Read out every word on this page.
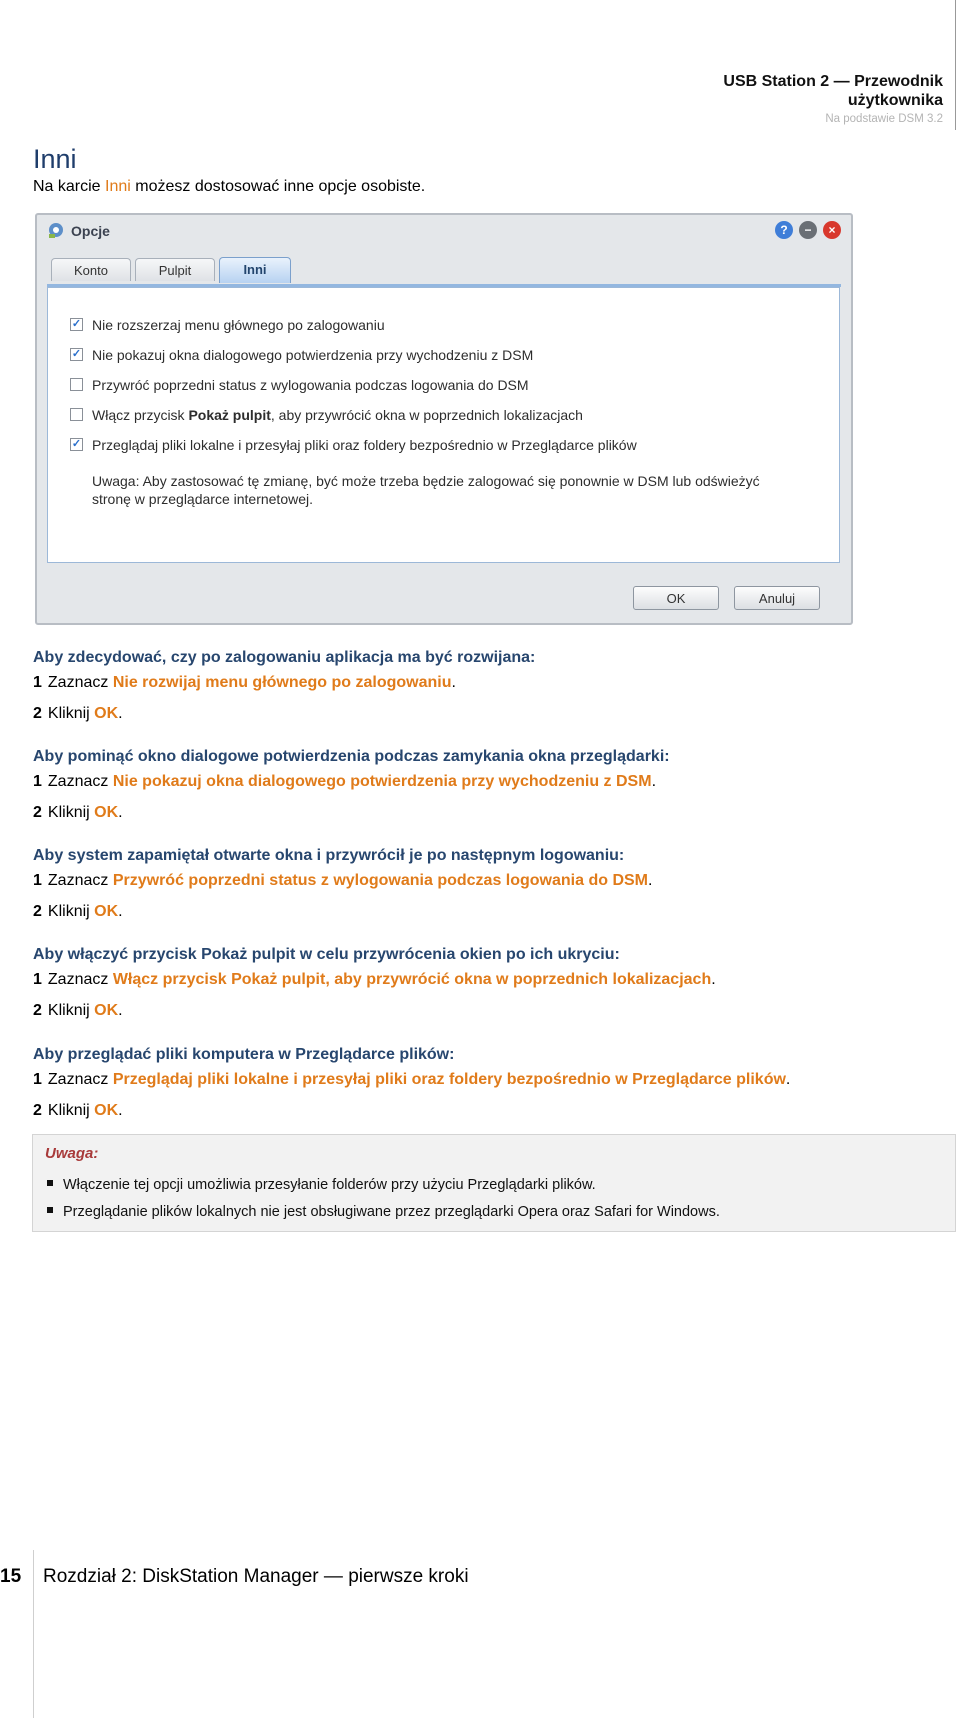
USB Station 2 — Przewodnik
użytkownika
Na podstawie DSM 3.2
Inni
Na karcie Inni możesz dostosować inne opcje osobiste.
Opcje	?	−	×
Konto	Pulpit	Inni
✓ Nie rozszerzaj menu głównego po zalogowaniu
✓ Nie pokazuj okna dialogowego potwierdzenia przy wychodzeniu z DSM
Przywróć poprzedni status z wylogowania podczas logowania do DSM
Włącz przycisk Pokaż pulpit, aby przywrócić okna w poprzednich lokalizacjach
✓ Przeglądaj pliki lokalne i przesyłaj pliki oraz foldery bezpośrednio w Przeglądarce plików
Uwaga: Aby zastosować tę zmianę, być może trzeba będzie zalogować się ponownie w DSM lub odświeżyć stronę w przeglądarce internetowej.
OK	Anuluj
Aby zdecydować, czy po zalogowaniu aplikacja ma być rozwijana:
1 Zaznacz Nie rozwijaj menu głównego po zalogowaniu.
2 Kliknij OK.
Aby pominąć okno dialogowe potwierdzenia podczas zamykania okna przeglądarki:
1 Zaznacz Nie pokazuj okna dialogowego potwierdzenia przy wychodzeniu z DSM.
2 Kliknij OK.
Aby system zapamiętał otwarte okna i przywrócił je po następnym logowaniu:
1 Zaznacz Przywróć poprzedni status z wylogowania podczas logowania do DSM.
2 Kliknij OK.
Aby włączyć przycisk Pokaż pulpit w celu przywrócenia okien po ich ukryciu:
1 Zaznacz Włącz przycisk Pokaż pulpit, aby przywrócić okna w poprzednich lokalizacjach.
2 Kliknij OK.
Aby przeglądać pliki komputera w Przeglądarce plików:
1 Zaznacz Przeglądaj pliki lokalne i przesyłaj pliki oraz foldery bezpośrednio w Przeglądarce plików.
2 Kliknij OK.
Uwaga:
Włączenie tej opcji umożliwia przesyłanie folderów przy użyciu Przeglądarki plików.
Przeglądanie plików lokalnych nie jest obsługiwane przez przeglądarki Opera oraz Safari for Windows.
15 Rozdział 2: DiskStation Manager — pierwsze kroki
